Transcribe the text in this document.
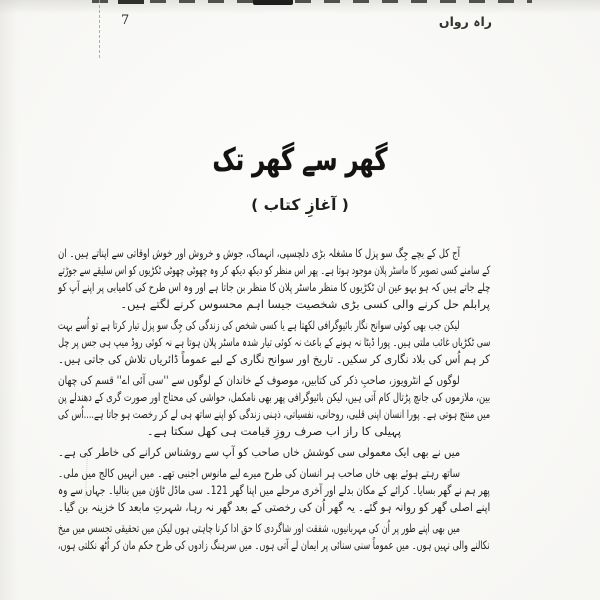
7	راہ رواں
گھر سے گھر تک
( آغازِ کتاب )
آج کل کے بچے جِگ سو پزل کا مشغلہ بڑی دلچسپی، انہماک، جوش و خروش اور خوش اوقاتی سے اپناتے ہیں۔ ان
کے سامنے کسی تصویر کا ماسٹر پلان موجود ہوتا ہے۔ پھر اس منظر کو دیکھ دیکھ کر وہ چھوٹی چھوٹی ٹکڑیوں کو اس سلیقے سے جوڑتے
چلے جاتے ہیں کہ ہو بہو عین ان ٹکڑیوں کا منظر ماسٹر پلان کا منظر بن جاتا ہے اور وہ اس طرح کی کامیابی پر اپنے آپ کو
پرابلم حل کرنے والی کسی بڑی شخصیت جیسا اہم محسوس کرنے لگتے ہیں۔
لیکن جب بھی کوئی سوانح نگار بائیوگرافی لکھتا ہے یا کسی شخص کی زندگی کی جِگ سو پزل تیار کرتا ہے تو اُسے بہت
سی ٹکڑیاں غائب ملتی ہیں۔ پورا ڈیٹا نہ ہونے کے باعث نہ کوئی تیار شدہ ماسٹر پلان ہوتا ہے نہ کوئی روڈ میپ ہی جس پر چل
کر ہم اُس کی بلاد نگاری کر سکیں۔ تاریخ اور سوانح نگاری کے لیے عموماً ڈائریاں تلاش کی جاتی ہیں۔
لوگوں کے انٹرویوز، صاحبِ ذکر کی کتابیں، موصوف کے خاندان کے لوگوں سے ''سی آئی اے'' قسم کی چھان
بین، ملازموں کی جانچ پڑتال کام آتی ہیں، لیکن بائیوگرافی پھر بھی نامکمل، حواشی کی محتاج اور صورت گری کے دھندلے پن
میں منتج ہوتی ہے۔ پورا انسان اپنی قلبی، روحانی، نفسیاتی، ذہنی زندگی کو اپنے ساتھ ہی لے کر رخصت ہو جاتا ہے....اُس کی
پہیلی کا راز اب صرف روزِ قیامت ہی کھل سکتا ہے۔
میں نے بھی ایک معمولی سی کوشش خاں صاحب کو آپ سے روشناس کرانے کی خاطر کی ہے۔
ساتھ رہتے ہوئے بھی خاں صاحب ہر انسان کی طرح میرے لیے مانوس اجنبی تھے۔ میں انہیں کالج میں ملی۔
پھر ہم نے گھر بسایا۔ کرائے کے مکان بدلے اور آخری مرحلے میں اپنا گھر 121۔ سی ماڈل ٹاؤن میں بنالیا۔ جہاں سے وہ
اپنے اصلی گھر کو روانہ ہو گئے۔ یہ گھر اُن کی رخصتی کے بعد گھر نہ رہا، شہرتِ مابعد کا خزینہ بن گیا۔
میں بھی اپنے طور پر اُن کی مہربانیوں، شفقت اور شاگردی کا حق ادا کرنا چاہتی ہوں لیکن میں تحقیقی تجسس میں میخ
نکالنے والی نہیں ہوں۔ میں عموماً سنی سنائی پر ایمان لے آتی ہوں۔ میں سرہنگ زادوں کی طرح حکم مان کر اُٹھ نکلتی ہوں،
